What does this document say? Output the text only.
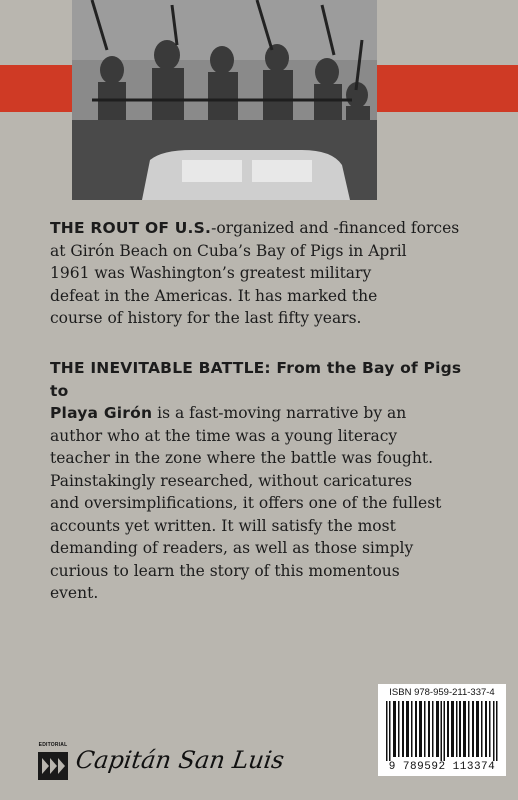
THE ROUT OF U.S.-organized and -financed forces
at Girón Beach on Cuba’s Bay of Pigs in April
1961 was Washington’s greatest military
defeat in the Americas. It has marked the
course of history for the last fifty years.
THE INEVITABLE BATTLE: From the Bay of Pigs to
Playa Girón is a fast-moving narrative by an
author who at the time was a young literacy
teacher in the zone where the battle was fought.
Painstakingly researched, without caricatures
and oversimplifications, it offers one of the fullest
accounts yet written. It will satisfy the most
demanding of readers, as well as those simply
curious to learn the story of this momentous
event.
ISBN 978-959-211-337-4
9 789592 113374
EDITORIAL
Capitán San Luis
